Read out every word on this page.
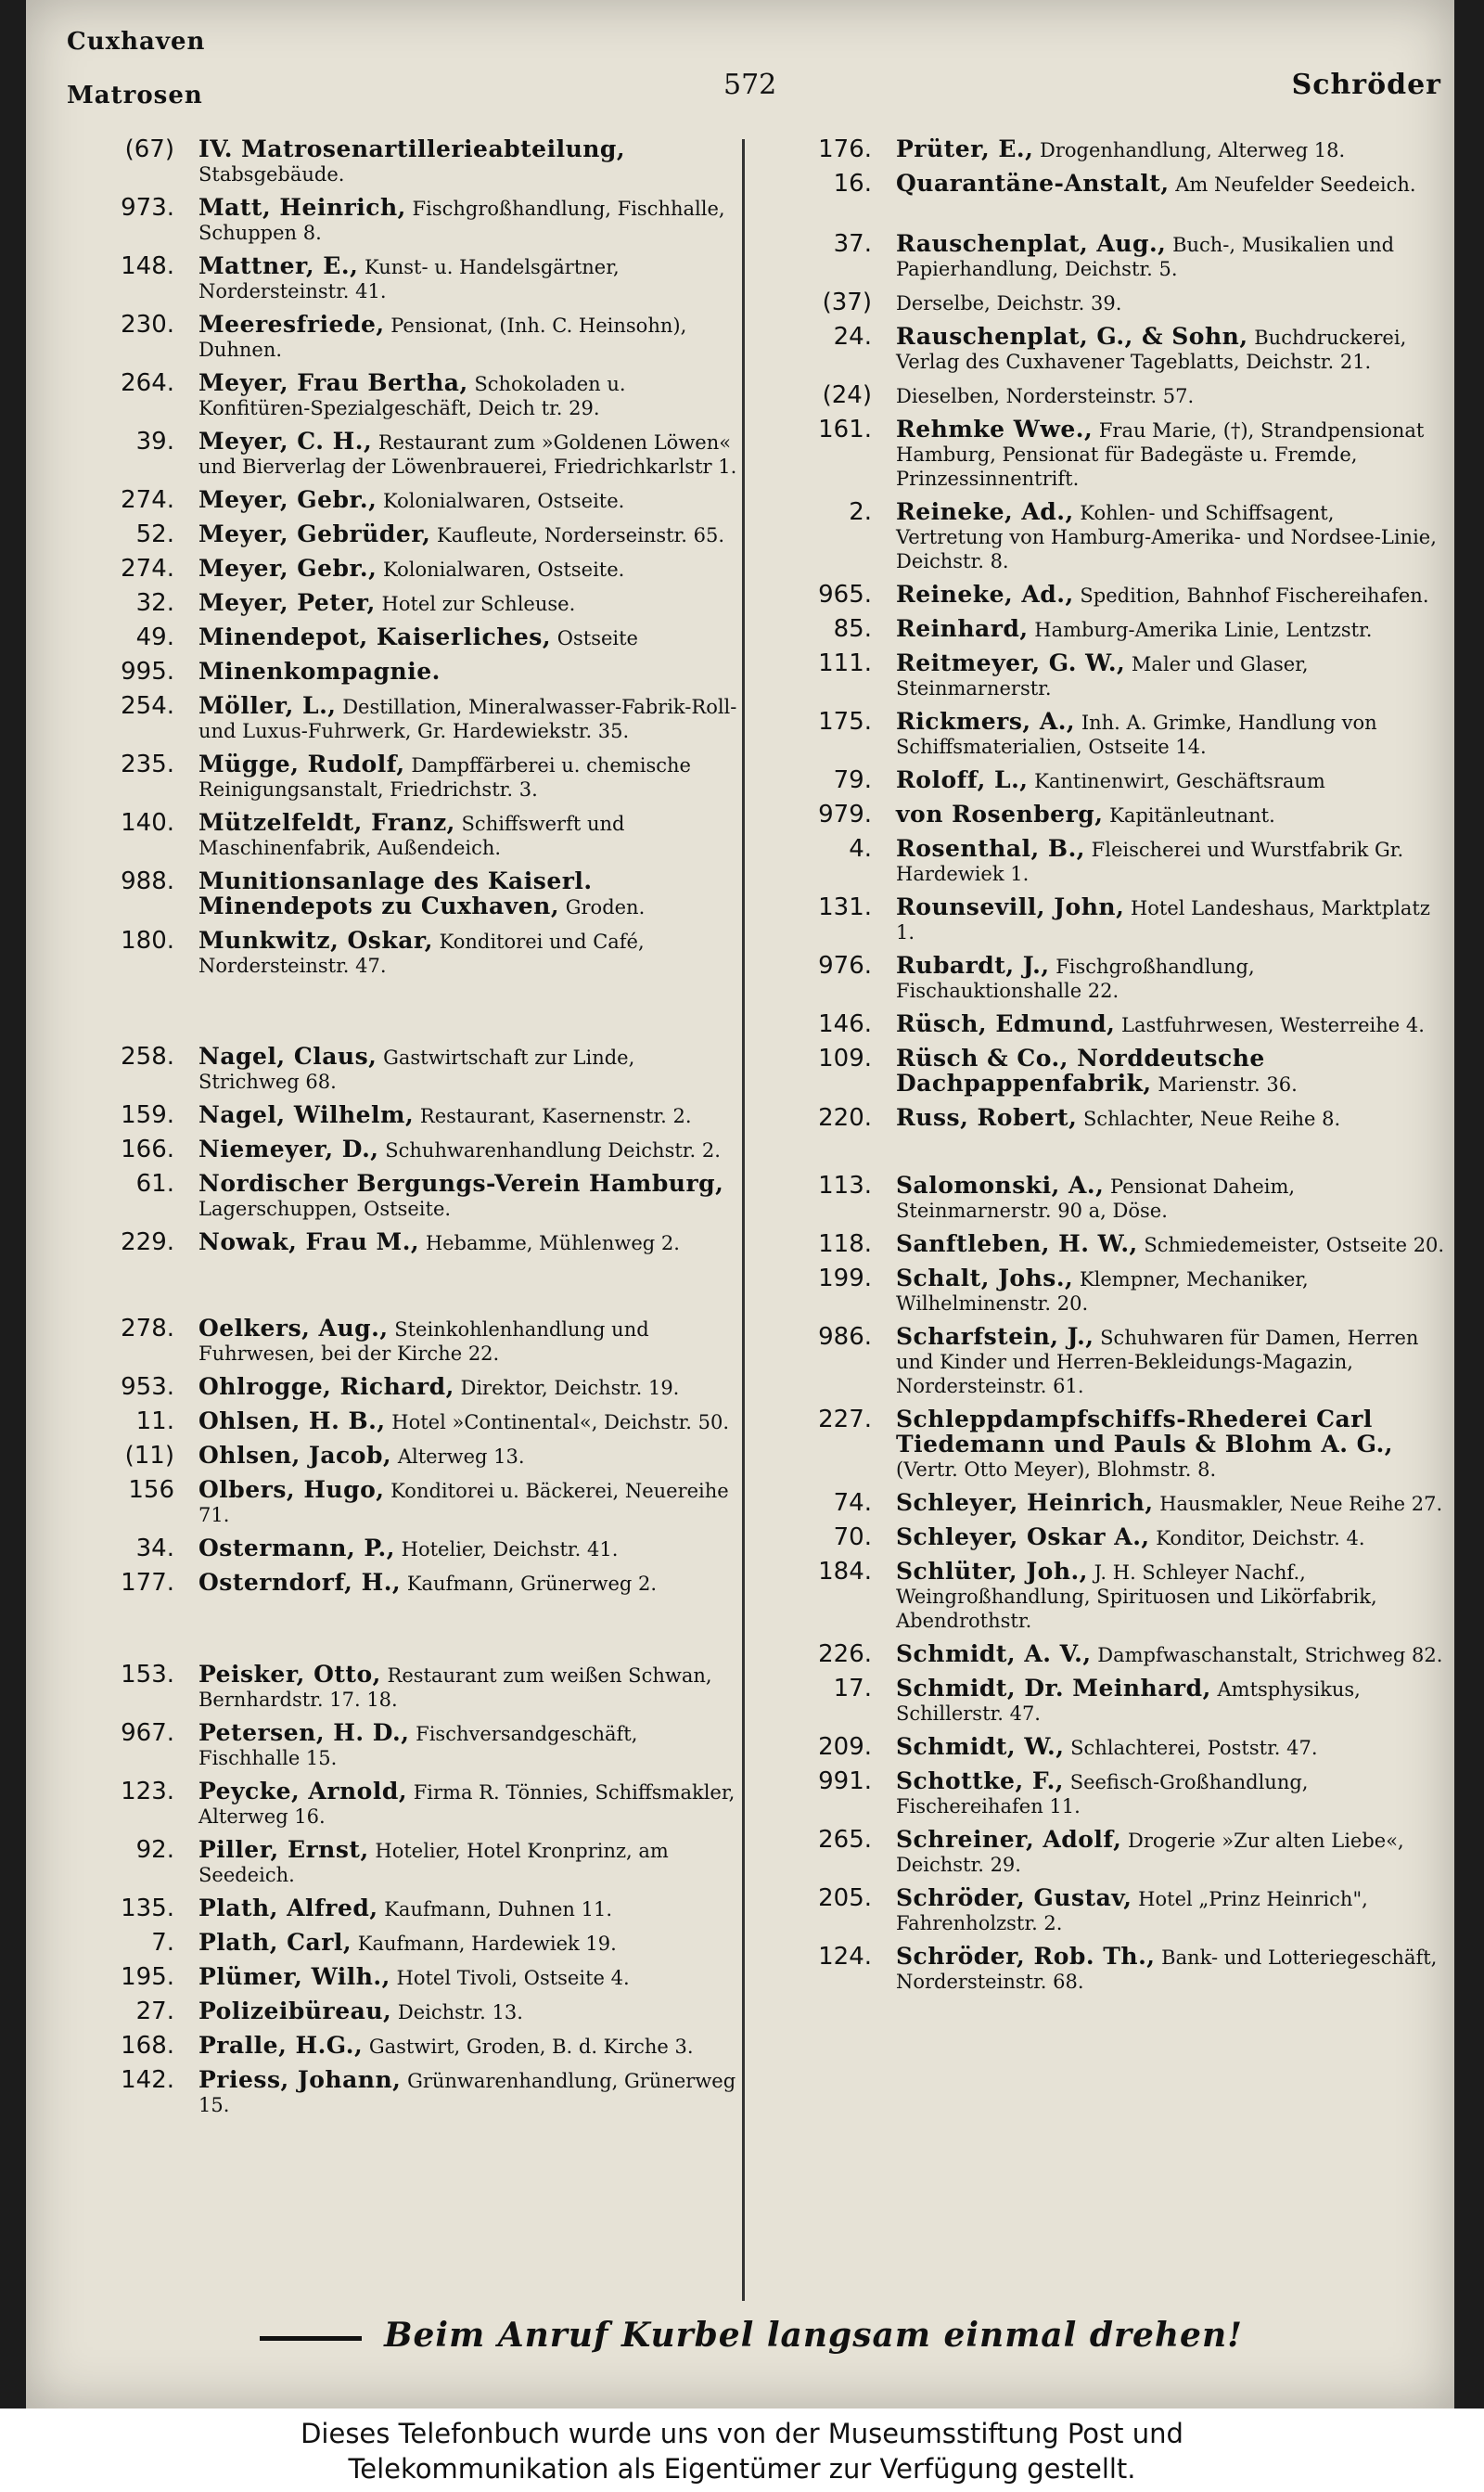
Cuxhaven
Matrosen	572	Schröder
(67) IV. Matrosenartillerieabteilung, Stabsgebäude.
973. Matt, Heinrich, Fischgroßhandlung, Fischhalle, Schuppen 8.
148. Mattner, E., Kunst- u. Handelsgärtner, Nordersteinstr. 41.
230. Meeresfriede, Pensionat, (Inh. C. Heinsohn), Duhnen.
264. Meyer, Frau Bertha, Schokoladen u. Konfitüren-Spezialgeschäft, Deich tr. 29.
39. Meyer, C. H., Restaurant zum »Goldenen Löwen« und Bierverlag der Löwenbrauerei, Friedrichkarlstr 1.
274. Meyer, Gebr., Kolonialwaren, Ostseite.
52. Meyer, Gebrüder, Kaufleute, Norderseinstr. 65.
274. Meyer, Gebr., Kolonialwaren, Ostseite.
32. Meyer, Peter, Hotel zur Schleuse.
49. Minendepot, Kaiserliches, Ostseite
995. Minenkompagnie.
254. Möller, L., Destillation, Mineralwasser-Fabrik-Roll- und Luxus-Fuhrwerk, Gr. Hardewiekstr. 35.
235. Mügge, Rudolf, Dampffärberei u. chemische Reinigungsanstalt, Friedrichstr. 3.
140. Mützelfeldt, Franz, Schiffswerft und Maschinenfabrik, Außendeich.
988. Munitionsanlage des Kaiserl. Minendepots zu Cuxhaven, Groden.
180. Munkwitz, Oskar, Konditorei und Café, Nordersteinstr. 47.
258. Nagel, Claus, Gastwirtschaft zur Linde, Strichweg 68.
159. Nagel, Wilhelm, Restaurant, Kasernenstr. 2.
166. Niemeyer, D., Schuhwarenhandlung Deichstr. 2.
61. Nordischer Bergungs-Verein Hamburg, Lagerschuppen, Ostseite.
229. Nowak, Frau M., Hebamme, Mühlenweg 2.
278. Oelkers, Aug., Steinkohlenhandlung und Fuhrwesen, bei der Kirche 22.
953. Ohlrogge, Richard, Direktor, Deichstr. 19.
11. Ohlsen, H. B., Hotel »Continental«, Deichstr. 50.
(11) Ohlsen, Jacob, Alterweg 13.
156 Olbers, Hugo, Konditorei u. Bäckerei, Neuereihe 71.
34. Ostermann, P., Hotelier, Deichstr. 41.
177. Osterndorf, H., Kaufmann, Grünerweg 2.
153. Peisker, Otto, Restaurant zum weißen Schwan, Bernhardstr. 17. 18.
967. Petersen, H. D., Fischversandgeschäft, Fischhalle 15.
123. Peycke, Arnold, Firma R. Tönnies, Schiffsmakler, Alterweg 16.
92. Piller, Ernst, Hotelier, Hotel Kronprinz, am Seedeich.
135. Plath, Alfred, Kaufmann, Duhnen 11.
7. Plath, Carl, Kaufmann, Hardewiek 19.
195. Plümer, Wilh., Hotel Tivoli, Ostseite 4.
27. Polizeibüreau, Deichstr. 13.
168. Pralle, H.G., Gastwirt, Groden, B. d. Kirche 3.
142. Priess, Johann, Grünwarenhandlung, Grünerweg 15.
176. Prüter, E., Drogenhandlung, Alterweg 18.
16. Quarantäne-Anstalt, Am Neufelder Seedeich.
37. Rauschenplat, Aug., Buch-, Musikalien und Papierhandlung, Deichstr. 5.
(37) Derselbe, Deichstr. 39.
24. Rauschenplat, G., & Sohn, Buchdruckerei, Verlag des Cuxhavener Tageblatts, Deichstr. 21.
(24) Dieselben, Nordersteinstr. 57.
161. Rehmke Wwe., Frau Marie, (†), Strandpensionat Hamburg, Pensionat für Badegäste u. Fremde, Prinzessinnentrift.
2. Reineke, Ad., Kohlen- und Schiffsagent, Vertretung von Hamburg-Amerika- und Nordsee-Linie, Deichstr. 8.
965. Reineke, Ad., Spedition, Bahnhof Fischereihafen.
85. Reinhard, Hamburg-Amerika Linie, Lentzstr.
111. Reitmeyer, G. W., Maler und Glaser, Steinmarnerstr.
175. Rickmers, A., Inh. A. Grimke, Handlung von Schiffsmaterialien, Ostseite 14.
79. Roloff, L., Kantinenwirt, Geschäftsraum
979. von Rosenberg, Kapitänleutnant.
4. Rosenthal, B., Fleischerei und Wurstfabrik Gr. Hardewiek 1.
131. Rounsevill, John, Hotel Landeshaus, Marktplatz 1.
976. Rubardt, J., Fischgroßhandlung, Fischauktionshalle 22.
146. Rüsch, Edmund, Lastfuhrwesen, Westerreihe 4.
109. Rüsch & Co., Norddeutsche Dachpappenfabrik, Marienstr. 36.
220. Russ, Robert, Schlachter, Neue Reihe 8.
113. Salomonski, A., Pensionat Daheim, Steinmarnerstr. 90 a, Döse.
118. Sanftleben, H. W., Schmiedemeister, Ostseite 20.
199. Schalt, Johs., Klempner, Mechaniker, Wilhelminenstr. 20.
986. Scharfstein, J., Schuhwaren für Damen, Herren und Kinder und Herren-Bekleidungs-Magazin, Nordersteinstr. 61.
227. Schleppdampfschiffs-Rhederei Carl Tiedemann und Pauls & Blohm A. G., (Vertr. Otto Meyer), Blohmstr. 8.
74. Schleyer, Heinrich, Hausmakler, Neue Reihe 27.
70. Schleyer, Oskar A., Konditor, Deichstr. 4.
184. Schlüter, Joh., J. H. Schleyer Nachf., Weingroßhandlung, Spirituosen und Likörfabrik, Abendrothstr.
226. Schmidt, A. V., Dampfwaschanstalt, Strichweg 82.
17. Schmidt, Dr. Meinhard, Amtsphysikus, Schillerstr. 47.
209. Schmidt, W., Schlachterei, Poststr. 47.
991. Schottke, F., Seefisch-Großhandlung, Fischereihafen 11.
265. Schreiner, Adolf, Drogerie »Zur alten Liebe«, Deichstr. 29.
205. Schröder, Gustav, Hotel „Prinz Heinrich", Fahrenholzstr. 2.
124. Schröder, Rob. Th., Bank- und Lotteriegeschäft, Nordersteinstr. 68.
Beim Anruf Kurbel langsam einmal drehen!
Dieses Telefonbuch wurde uns von der Museumsstiftung Post und
Telekommunikation als Eigentümer zur Verfügung gestellt.
